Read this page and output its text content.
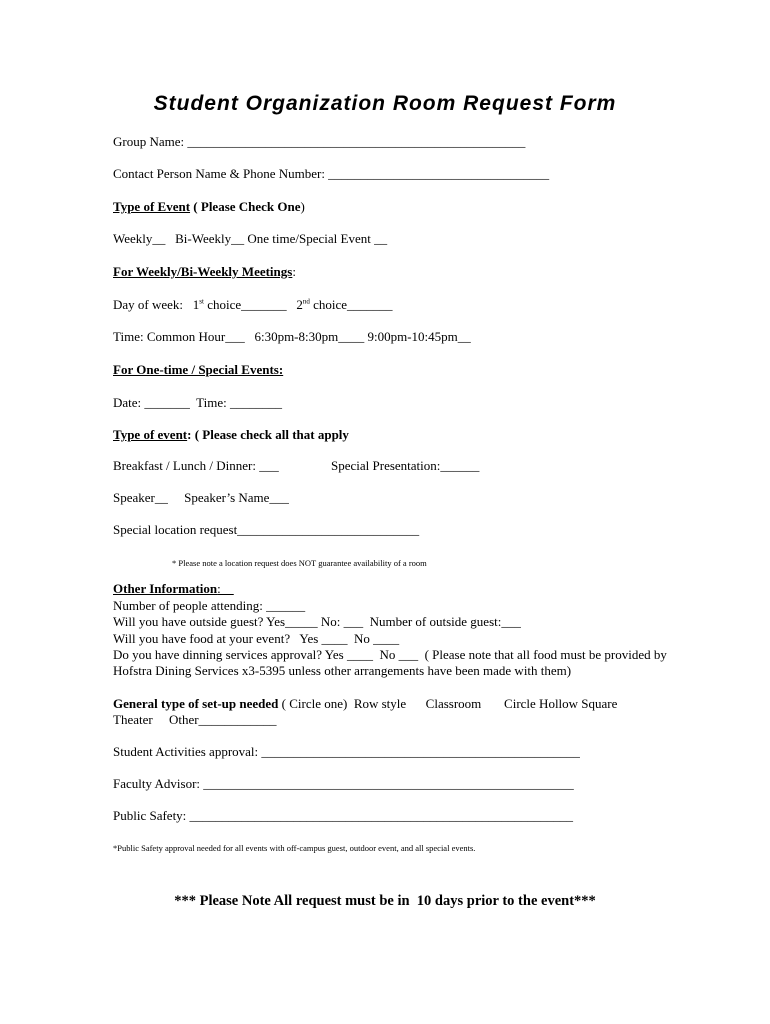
Student Organization Room Request Form
Group Name: ____________________________________________________
Contact Person Name & Phone Number: __________________________________
Type of Event ( Please Check One)
Weekly__   Bi-Weekly__ One time/Special Event __
For Weekly/Bi-Weekly Meetings:
Day of week:   1st choice_______   2nd choice_______
Time: Common Hour___   6:30pm-8:30pm____ 9:00pm-10:45pm__
For One-time / Special Events:
Date: _______  Time: ________
Type of event: ( Please check all that apply
Breakfast / Lunch / Dinner: ___	Special Presentation:______
Speaker__     Speaker’s Name___
Special location request____________________________
* Please note a location request does NOT guarantee availability of a room
Other Information:
Number of people attending: ______
Will you have outside guest? Yes_____ No: ___  Number of outside guest:___
Will you have food at your event?   Yes ____  No ____
Do you have dinning services approval? Yes ____  No ___  ( Please note that all food must be provided by
Hofstra Dining Services x3-5395 unless other arrangements have been made with them)
General type of set-up needed ( Circle one)  Row style      Classroom       Circle Hollow Square
Theater     Other____________
Student Activities approval: _________________________________________________
Faculty Advisor: _________________________________________________________
Public Safety: ___________________________________________________________
*Public Safety approval needed for all events with off-campus guest, outdoor event, and all special events.
*** Please Note All request must be in  10 days prior to the event***
